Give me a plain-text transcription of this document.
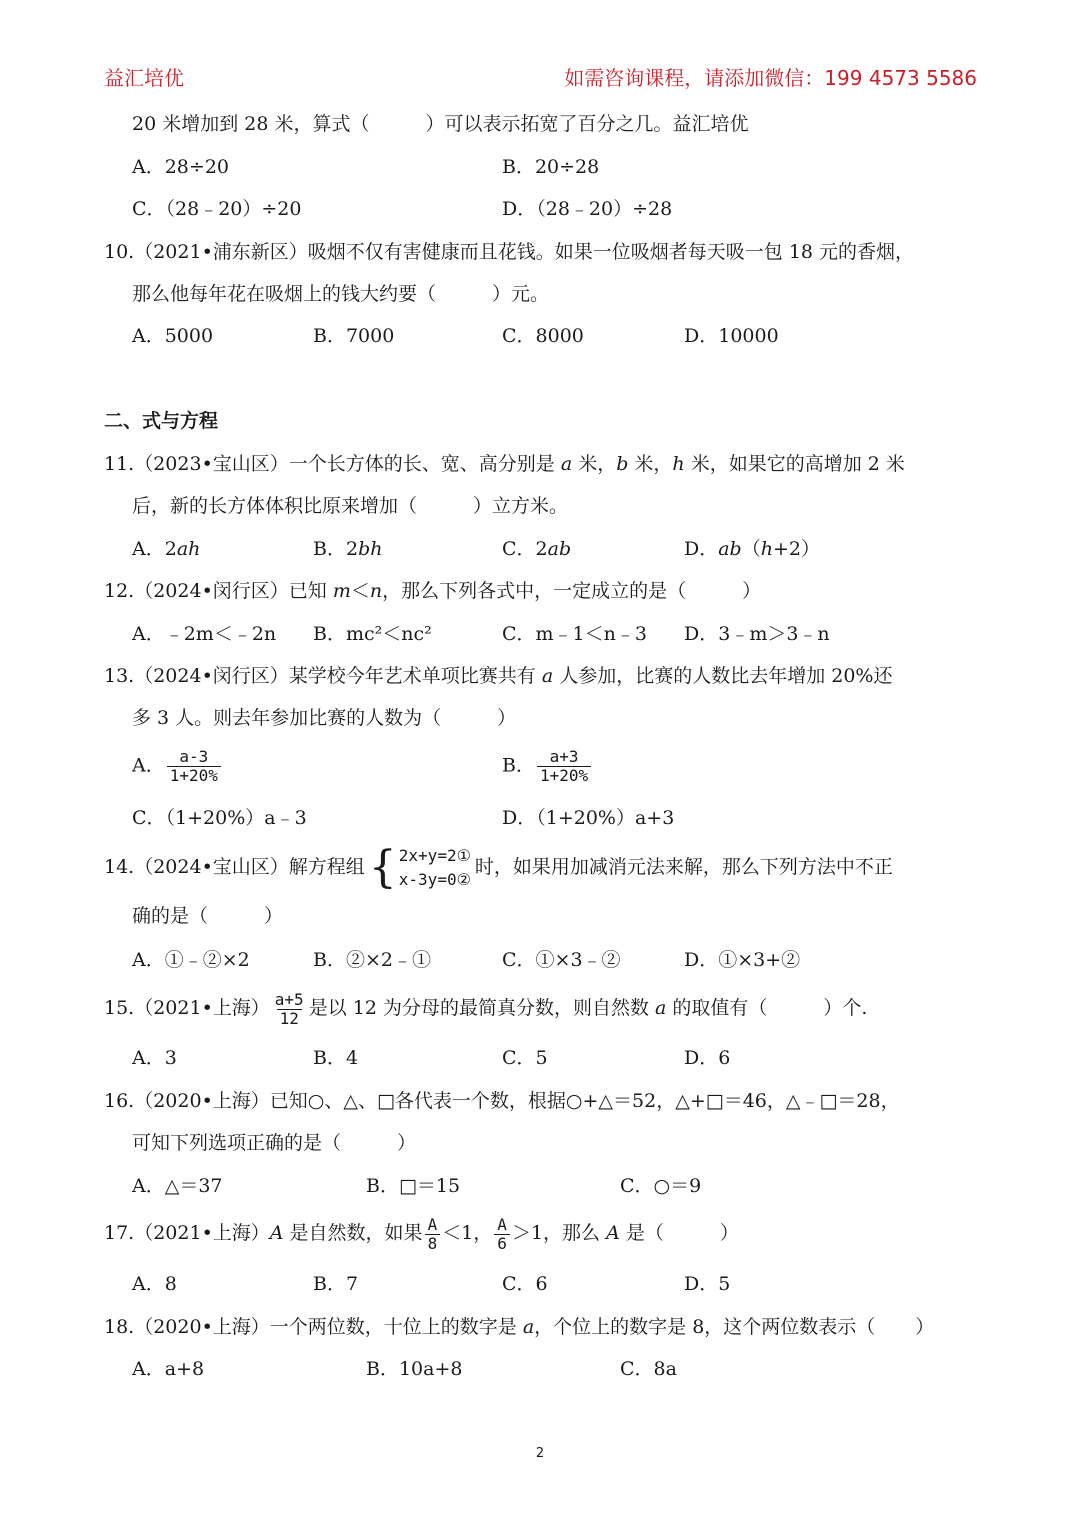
益汇培优	如需咨询课程，请添加微信：199 4573 5586
20 米增加到 28 米，算式（	）可以表示拓宽了百分之几。益汇培优
A．28÷20	B．20÷28
C．（28﹣20）÷20	D．（28﹣20）÷28
10.（2021•浦东新区）吸烟不仅有害健康而且花钱。如果一位吸烟者每天吸一包 18 元的香烟，
那么他每年花在吸烟上的钱大约要（	）元。
A．5000	B．7000	C．8000	D．10000
二、式与方程
11.（2023•宝山区）一个长方体的长、宽、高分别是 a 米，b 米，h 米，如果它的高增加 2 米
后，新的长方体体积比原来增加（	）立方米。
A．2ah	B．2bh	C．2ab	D．ab（h+2）
12.（2024•闵行区）已知 m＜n，那么下列各式中，一定成立的是（	）
A．﹣2m＜﹣2n B．mc²＜nc²	C．m﹣1＜n﹣3 D．3﹣m＞3﹣n
13.（2024•闵行区）某学校今年艺术单项比赛共有 a 人参加，比赛的人数比去年增加 20%还
多 3 人。则去年参加比赛的人数为（	）
A． $\frac{a-3}{1+20\%}$	B． $\frac{a+3}{1+20\%}$
C．（1+20%）a﹣3	D．（1+20%）a+3
14.（2024•宝山区）解方程组 { 2x+y=2①
x-3y=0②
时，如果用加减消元法来解，那么下列方法中不正
确的是（	）
A．①﹣②×2	B．②×2﹣①	C．①×3﹣②	D．①×3+②
15.（2021•上海） $\frac{a+5}{12}$ 是以 12 为分母的最简真分数，则自然数 a 的取值有（	）个.
A．3	B．4	C．5	D．6
16.（2020•上海）已知○、△、□各代表一个数，根据○+△＝52，△+□＝46，△﹣□＝28，
可知下列选项正确的是（	）
A．△＝37	B．□＝15	C．○＝9
17.（2021•上海）A 是自然数，如果 $\frac{A}{8} <1$， $\frac{A}{6} >1$，那么 A 是（	）
A．8	B．7	C．6	D．5
18.（2020•上海）一个两位数，十位上的数字是 a，个位上的数字是 8，这个两位数表示（ ）
A．a+8	B．10a+8	C．8a
2
